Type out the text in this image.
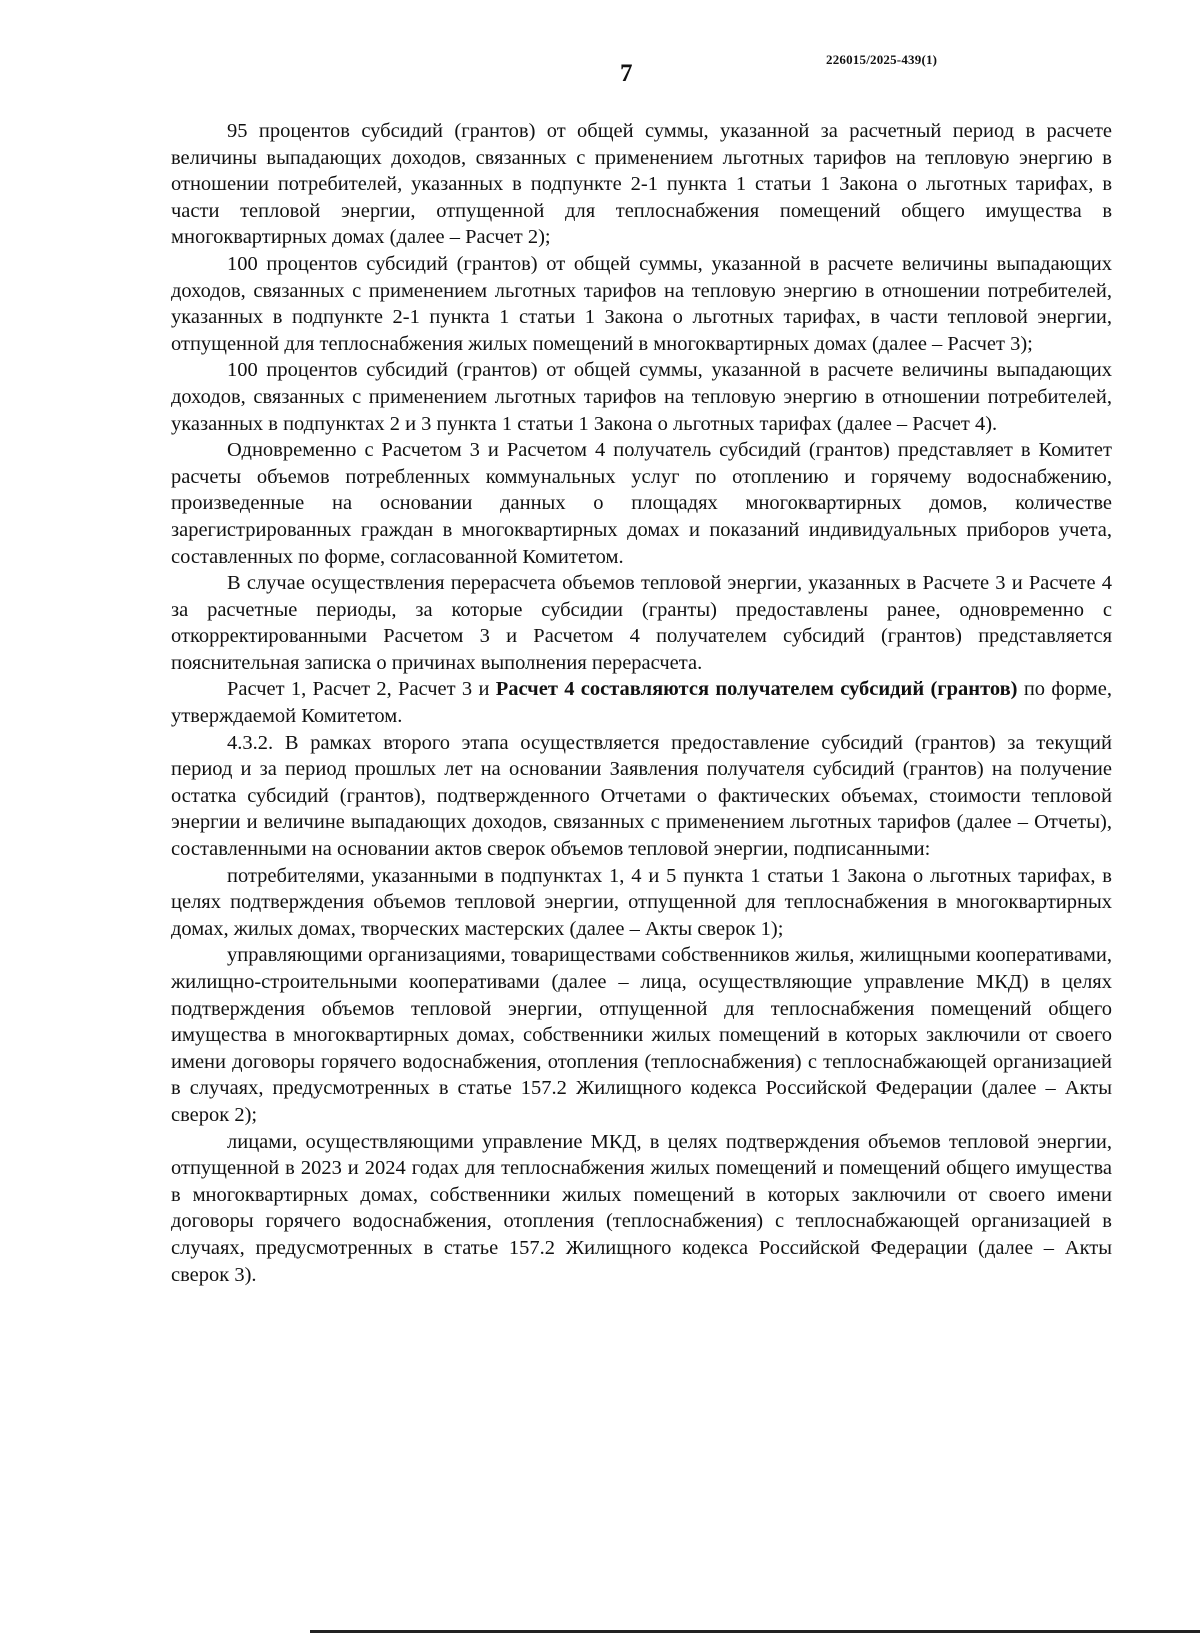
7
226015/2025-439(1)

95 процентов субсидий (грантов) от общей суммы, указанной за расчетный период в расчете величины выпадающих доходов, связанных с применением льготных тарифов на тепловую энергию в отношении потребителей, указанных в подпункте 2-1 пункта 1 статьи 1 Закона о льготных тарифах, в части тепловой энергии, отпущенной для теплоснабжения помещений общего имущества в многоквартирных домах (далее – Расчет 2);

100 процентов субсидий (грантов) от общей суммы, указанной в расчете величины выпадающих доходов, связанных с применением льготных тарифов на тепловую энергию в отношении потребителей, указанных в подпункте 2-1 пункта 1 статьи 1 Закона о льготных тарифах, в части тепловой энергии, отпущенной для теплоснабжения жилых помещений в многоквартирных домах (далее – Расчет 3);

100 процентов субсидий (грантов) от общей суммы, указанной в расчете величины выпадающих доходов, связанных с применением льготных тарифов на тепловую энергию в отношении потребителей, указанных в подпунктах 2 и 3 пункта 1 статьи 1 Закона о льготных тарифах (далее – Расчет 4).

Одновременно с Расчетом 3 и Расчетом 4 получатель субсидий (грантов) представляет в Комитет расчеты объемов потребленных коммунальных услуг по отоплению и горячему водоснабжению, произведенные на основании данных о площадях многоквартирных домов, количестве зарегистрированных граждан в многоквартирных домах и показаний индивидуальных приборов учета, составленных по форме, согласованной Комитетом.

В случае осуществления перерасчета объемов тепловой энергии, указанных в Расчете 3 и Расчете 4 за расчетные периоды, за которые субсидии (гранты) предоставлены ранее, одновременно с откорректированными Расчетом 3 и Расчетом 4 получателем субсидий (грантов) представляется пояснительная записка о причинах выполнения перерасчета.

Расчет 1, Расчет 2, Расчет 3 и Расчет 4 составляются получателем субсидий (грантов) по форме, утверждаемой Комитетом.

4.3.2. В рамках второго этапа осуществляется предоставление субсидий (грантов) за текущий период и за период прошлых лет на основании Заявления получателя субсидий (грантов) на получение остатка субсидий (грантов), подтвержденного Отчетами о фактических объемах, стоимости тепловой энергии и величине выпадающих доходов, связанных с применением льготных тарифов (далее – Отчеты), составленными на основании актов сверок объемов тепловой энергии, подписанными:

потребителями, указанными в подпунктах 1, 4 и 5 пункта 1 статьи 1 Закона о льготных тарифах, в целях подтверждения объемов тепловой энергии, отпущенной для теплоснабжения в многоквартирных домах, жилых домах, творческих мастерских (далее – Акты сверок 1);

управляющими организациями, товариществами собственников жилья, жилищными кооперативами, жилищно-строительными кооперативами (далее – лица, осуществляющие управление МКД) в целях подтверждения объемов тепловой энергии, отпущенной для теплоснабжения помещений общего имущества в многоквартирных домах, собственники жилых помещений в которых заключили от своего имени договоры горячего водоснабжения, отопления (теплоснабжения) с теплоснабжающей организацией в случаях, предусмотренных в статье 157.2 Жилищного кодекса Российской Федерации (далее – Акты сверок 2);

лицами, осуществляющими управление МКД, в целях подтверждения объемов тепловой энергии, отпущенной в 2023 и 2024 годах для теплоснабжения жилых помещений и помещений общего имущества в многоквартирных домах, собственники жилых помещений в которых заключили от своего имени договоры горячего водоснабжения, отопления (теплоснабжения) с теплоснабжающей организацией в случаях, предусмотренных в статье 157.2 Жилищного кодекса Российской Федерации (далее – Акты сверок 3).
